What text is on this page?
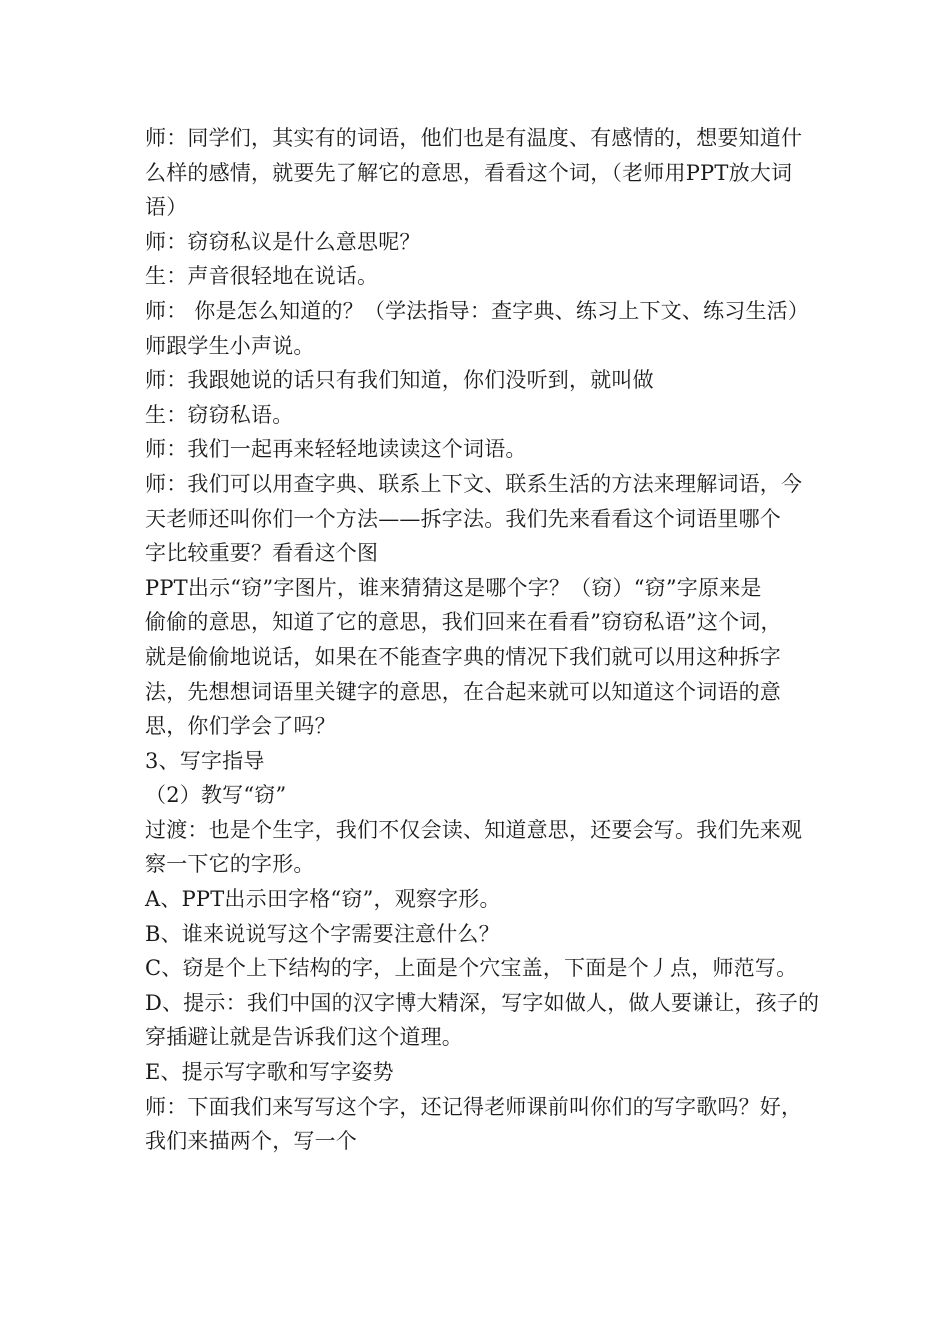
师：同学们，其实有的词语，他们也是有温度、有感情的，想要知道什
么样的感情，就要先了解它的意思，看看这个词，（老师用PPT放大词
语）
师：窃窃私议是什么意思呢？
生：声音很轻地在说话。
师： 你是怎么知道的？（学法指导：查字典、练习上下文、练习生活）
师跟学生小声说。
师：我跟她说的话只有我们知道，你们没听到，就叫做
生：窃窃私语。
师：我们一起再来轻轻地读读这个词语。
师：我们可以用查字典、联系上下文、联系生活的方法来理解词语，今
天老师还叫你们一个方法——拆字法。我们先来看看这个词语里哪个
字比较重要？看看这个图
PPT出示“窃”字图片，谁来猜猜这是哪个字？（窃）“窃”字原来是
偷偷的意思，知道了它的意思，我们回来在看看”窃窃私语”这个词，
就是偷偷地说话，如果在不能查字典的情况下我们就可以用这种拆字
法，先想想词语里关键字的意思，在合起来就可以知道这个词语的意
思，你们学会了吗？
3、写字指导
（2）教写“窃”
过渡：也是个生字，我们不仅会读、知道意思，还要会写。我们先来观
察一下它的字形。
A、PPT出示田字格“窃”，观察字形。
B、谁来说说写这个字需要注意什么？
C、窃是个上下结构的字，上面是个穴宝盖，下面是个丿点，师范写。
D、提示：我们中国的汉字博大精深，写字如做人，做人要谦让，孩子的
穿插避让就是告诉我们这个道理。
E、提示写字歌和写字姿势
师：下面我们来写写这个字，还记得老师课前叫你们的写字歌吗？好，
我们来描两个，写一个
